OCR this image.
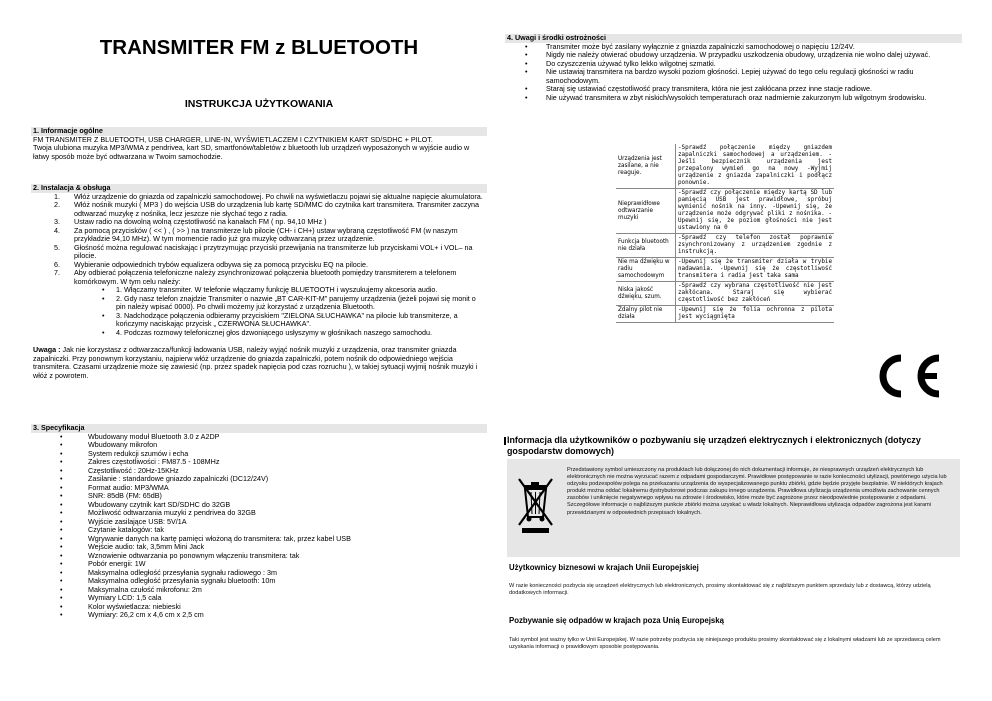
TRANSMITER FM z BLUETOOTH
INSTRUKCJA UŻYTKOWANIA
1. Informacje ogólne

FM TRANSMITER Z BLUETOOTH, USB CHARGER, LINE-IN, WYŚWIETLACZEM I CZYTNIKIEM KART SD/SDHC + PILOT.

Twoja ulubiona muzyka MP3/WMA z pendrivea, kart SD, smartfonów/tabletów z bluetooth lub urządzeń wyposażonych w wyjście audio w łatwy sposób może być odtwarzana w Twoim samochodzie.

2. Instalacja & obsługa
1. Włóż urządzenie do gniazda od zapalniczki samochodowej. Po chwili na wyświetlaczu pojawi się aktualne napięcie akumulatora.
2. Włóż nośnik muzyki ( MP3 ) do wejścia USB do urządzenia lub kartę SD/MMC do czytnika kart transmitera. Transmiter zaczyna odtwarzać muzykę z nośnika, lecz jeszcze nie słychać tego z radia.
3. Ustaw radio na dowolną wolną częstotliwość na kanałach FM ( np. 94,10 MHz )
4. Za pomocą przycisków ( << ) , ( >> ) na transmiterze lub pilocie (CH- i CH+) ustaw wybraną częstotliwość FM (w naszym przykładzie 94,10 MHz). W tym momencie radio już gra muzykę odtwarzaną przez urządzenie.
5. Głośność można regulować naciskając i przytrzymując przyciski przewijania na transmiterze lub przyciskami VOL+ i VOL– na pilocie.
6. Wybieranie odpowiednich trybów equalizera odbywa się za pomocą przycisku EQ na pilocie.
7. Aby odbierać połączenia telefoniczne należy zsynchronizować połączenia bluetooth pomiędzy transmiterem a telefonem komórkowym. W tym celu należy:
• 1. Włączamy transmiter. W telefonie włączamy funkcję BLUETOOTH i wyszukujemy akcesoria audio.
• 2. Gdy nasz telefon znajdzie Transmiter o nazwie „BT CAR-KIT-M” parujemy urządzenia (jeżeli pojawi się monit o pin należy wpisać 0000). Po chwili możemy już korzystać z urządzenia Bluetooth.
• 3. Nadchodzące połączenia odbieramy przyciskiem "ZIELONA SŁUCHAWKA" na pilocie lub transmiterze, a kończymy naciskając przycisk „ CZERWONA SŁUCHAWKA".
• 4. Podczas rozmowy telefonicznej głos dzwoniącego usłyszymy w głośnikach naszego samochodu.

Uwaga : Jak nie korzystasz z odtwarzacza/funkcji ładowania USB, należy wyjąć nośnik muzyki z urządzenia, oraz transmiter gniazda zapalniczki. Przy ponownym korzystaniu, najpierw włóż urządzenie do gniazda zapalniczki, potem nośnik do odpowiedniego wejścia transmitera. Czasami urządzenie może się zawiesić (np. przez spadek napięcia pod czas rozruchu ), w takiej sytuacji wyjmij nośnik muzyki i włóż z powrotem.

3. Specyfikacja
• Wbudowany moduł Bluetooth 3.0 z A2DP
• Wbudowany mikrofon
• System redukcji szumów i echa
• Zakres częstotliwości : FM87.5 - 108MHz
• Częstotliwość : 20Hz-15KHz
• Zasilanie : standardowe gniazdo zapalniczki (DC12/24V)
• Format audio: MP3/WMA
• SNR: 85dB (FM: 65dB)
• Wbudowany czytnik kart SD/SDHC do 32GB
• Możliwość odtwarzania muzyki z pendrivea do 32GB
• Wyjście zasilające USB: 5V/1A
• Czytanie katalogów: tak
• Wgrywanie danych na kartę pamięci włożoną do transmitera: tak, przez kabel USB
• Wejście audio: tak, 3,5mm Mini Jack
• Wznowienie odtwarzania po ponownym włączeniu transmitera: tak
• Pobór energii: 1W
• Maksymalna odległość przesyłania sygnału radiowego : 3m
• Maksymalna odległość przesyłania sygnału bluetooth: 10m
• Maksymalna czułość mikrofonu: 2m
• Wymiary LCD: 1,5 cala
• Kolor wyświetlacza: niebieski
• Wymiary: 26,2 cm x 4,6 cm x 2,5 cm
4. Uwagi i środki ostrożności
• Transmiter może być zasilany wyłącznie z gniazda zapalniczki samochodowej o napięciu 12/24V.
• Nigdy nie należy otwierać obudowy urządzenia. W przypadku uszkodzenia obudowy, urządzenia nie wolno dalej używać.
• Do czyszczenia używać tylko lekko wilgotnej szmatki.
• Nie ustawiaj transmitera na bardzo wysoki poziom głośności. Lepiej używać do tego celu regulacji głośności w radiu samochodowym.
• Staraj się ustawiać częstotliwość pracy transmitera, która nie jest zakłócana przez inne stacje radiowe.
• Nie używać transmitera w zbyt niskich/wysokich temperaturach oraz nadmiernie zakurzonym lub wilgotnym środowisku.
Urządzenia jest zasilane, a nie reaguje.	-Sprawdź połączenie między gniazdem zapalniczki samochodowej a urządzeniem. -Jeśli bezpiecznik urządzenia jest przepalony wymień go na nowy -Wyjmij urządzenie z gniazda zapalniczki i podłącz ponownie.
Nieprawidłowe odtwarzanie muzyki	-Sprawdź czy połączenie między kartą SD lub pamięcią USB jest prawidłowe, spróbuj wymienić nośnik na inny. -Upewnij się, że urządzenie może odgrywać pliki z nośnika. -Upewnij się, że poziom głośności nie jest ustawiony na 0
Funkcja bluetooth nie działa	-Sprawdź czy telefon został poprawnie zsynchronizowany z urządzeniem zgodnie z instrukcją.
Nie ma dźwięku w radiu samochodowym	-Upewnij się że transmiter działa w trybie nadawania. -Upewnij się że częstotliwość transmitera i radia jest taka sama
Niska jakość dźwięku, szum.	-Sprawdź czy wybrana częstotliwość nie jest zakłócana. Staraj się wybierać częstotliwość bez zakłóceń
Zdalny pilot nie działa	-Upewnij się że folia ochronna z pilota jest wyciągnięta
Informacja dla użytkowników o pozbywaniu się urządzeń elektrycznych i elektronicznych (dotyczy gospodarstw domowych)
Przedstawiony symbol umieszczony na produktach lub dołączonej do nich dokumentacji informuje, że niesprawnych urządzeń elektrycznych lub elektronicznych nie można wyrzucać razem z odpadami gospodarczymi. Prawidłowe postępowanie w razie konieczności utylizacji, powtórnego użycia lub odzysku podzespołów polega na przekazaniu urządzenia do wyspecjalizowanego punktu zbiórki, gdzie będzie przyjęte bezpłatnie. W niektórych krajach produkt można oddać lokalnemu dystrybutorowi podczas zakupu innego urządzenia. Prawidłowa utylizacja urządzenia umożliwia zachowanie cennych zasobów i uniknięcie negatywnego wpływu na zdrowie i środowisko, które może być zagrożone przez nieodpowiednie postępowanie z odpadami. Szczegółowe informacje o najbliższym punkcie zbiórki można uzyskać u władz lokalnych. Nieprawidłowa utylizacja odpadów zagrożona jest karami przewidzianymi w odpowiednich przepisach lokalnych.
Użytkownicy biznesowi w krajach Unii Europejskiej
W razie konieczności pozbycia się urządzeń elektrycznych lub elektronicznych, prosimy skontaktować się z najbliższym punktem sprzedaży lub z dostawcą, którzy udzielą dodatkowych informacji.
Pozbywanie się odpadów w krajach poza Unią Europejską
Taki symbol jest ważny tylko w Unii Europejskej. W razie potrzeby pozbycia się niniejszego produktu prosimy skontaktować się z lokalnymi władzami lub ze sprzedawcą celem uzyskania informacji o prawidłowym sposobie postępowania.
